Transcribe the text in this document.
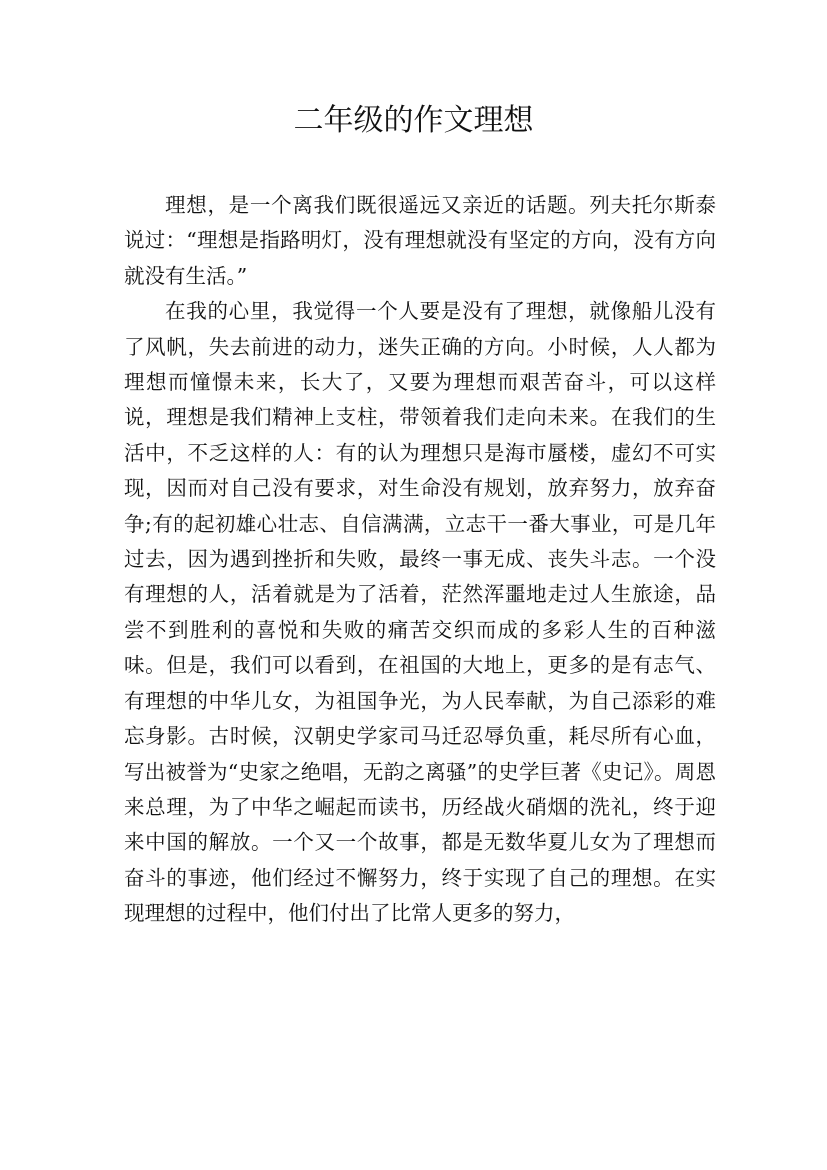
二年级的作文理想

理想，是一个离我们既很遥远又亲近的话题。列夫托尔斯泰说过：“理想是指路明灯，没有理想就没有坚定的方向，没有方向就没有生活。”

在我的心里，我觉得一个人要是没有了理想，就像船儿没有了风帆，失去前进的动力，迷失正确的方向。小时候，人人都为理想而憧憬未来，长大了，又要为理想而艰苦奋斗，可以这样说，理想是我们精神上支柱，带领着我们走向未来。在我们的生活中，不乏这样的人：有的认为理想只是海市蜃楼，虚幻不可实现，因而对自己没有要求，对生命没有规划，放弃努力，放弃奋争;有的起初雄心壮志、自信满满，立志干一番大事业，可是几年过去，因为遇到挫折和失败，最终一事无成、丧失斗志。一个没有理想的人，活着就是为了活着，茫然浑噩地走过人生旅途，品尝不到胜利的喜悦和失败的痛苦交织而成的多彩人生的百种滋味。但是，我们可以看到，在祖国的大地上，更多的是有志气、有理想的中华儿女，为祖国争光，为人民奉献，为自己添彩的难忘身影。古时候，汉朝史学家司马迁忍辱负重，耗尽所有心血，写出被誉为“史家之绝唱，无韵之离骚”的史学巨著《史记》。周恩来总理，为了中华之崛起而读书，历经战火硝烟的洗礼，终于迎来中国的解放。一个又一个故事，都是无数华夏儿女为了理想而奋斗的事迹，他们经过不懈努力，终于实现了自己的理想。在实现理想的过程中，他们付出了比常人更多的努力，
